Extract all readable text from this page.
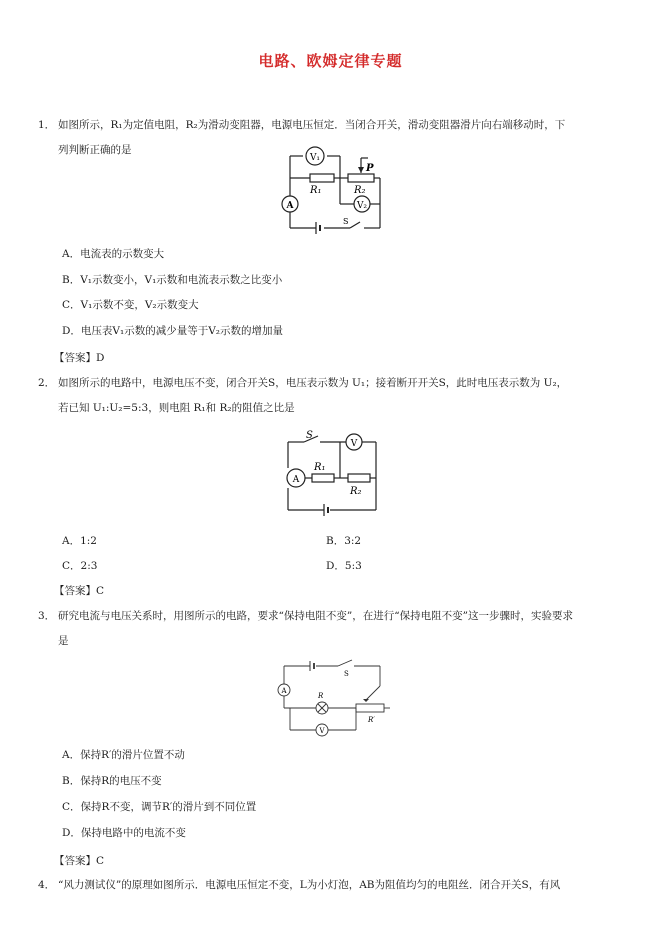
电路、欧姆定律专题
1． 如图所示，R₁为定值电阻，R₂为滑动变阻器，电源电压恒定．当闭合开关，滑动变阻器滑片向右端移动时，下
列判断正确的是
V₁
V₂
A
R₁	R₂
P
S
A．电流表的示数变大
B．V₁示数变小，V₁示数和电流表示数之比变小
C．V₁示数不变，V₂示数变大
D．电压表V₁示数的减少量等于V₂示数的增加量
【答案】D
2． 如图所示的电路中，电源电压不变，闭合开关S，电压表示数为 U₁；接着断开开关S，此时电压表示数为 U₂，
若已知 U₁:U₂=5:3，则电阻 R₁和 R₂的阻值之比是
V
A
S
R₁
R₂
A．1:2	B．3:2
C．2:3	D．5:3
【答案】C
3． 研究电流与电压关系时，用图所示的电路，要求“保持电阻不变”，在进行“保持电阻不变”这一步骤时，实验要求
是
A
V
S
R
R′
A．保持R′的滑片位置不动
B．保持R的电压不变
C．保持R不变，调节R′的滑片到不同位置
D．保持电路中的电流不变
【答案】C
4． “风力测试仪”的原理如图所示．电源电压恒定不变，L为小灯泡，AB为阻值均匀的电阻丝．闭合开关S，有风
